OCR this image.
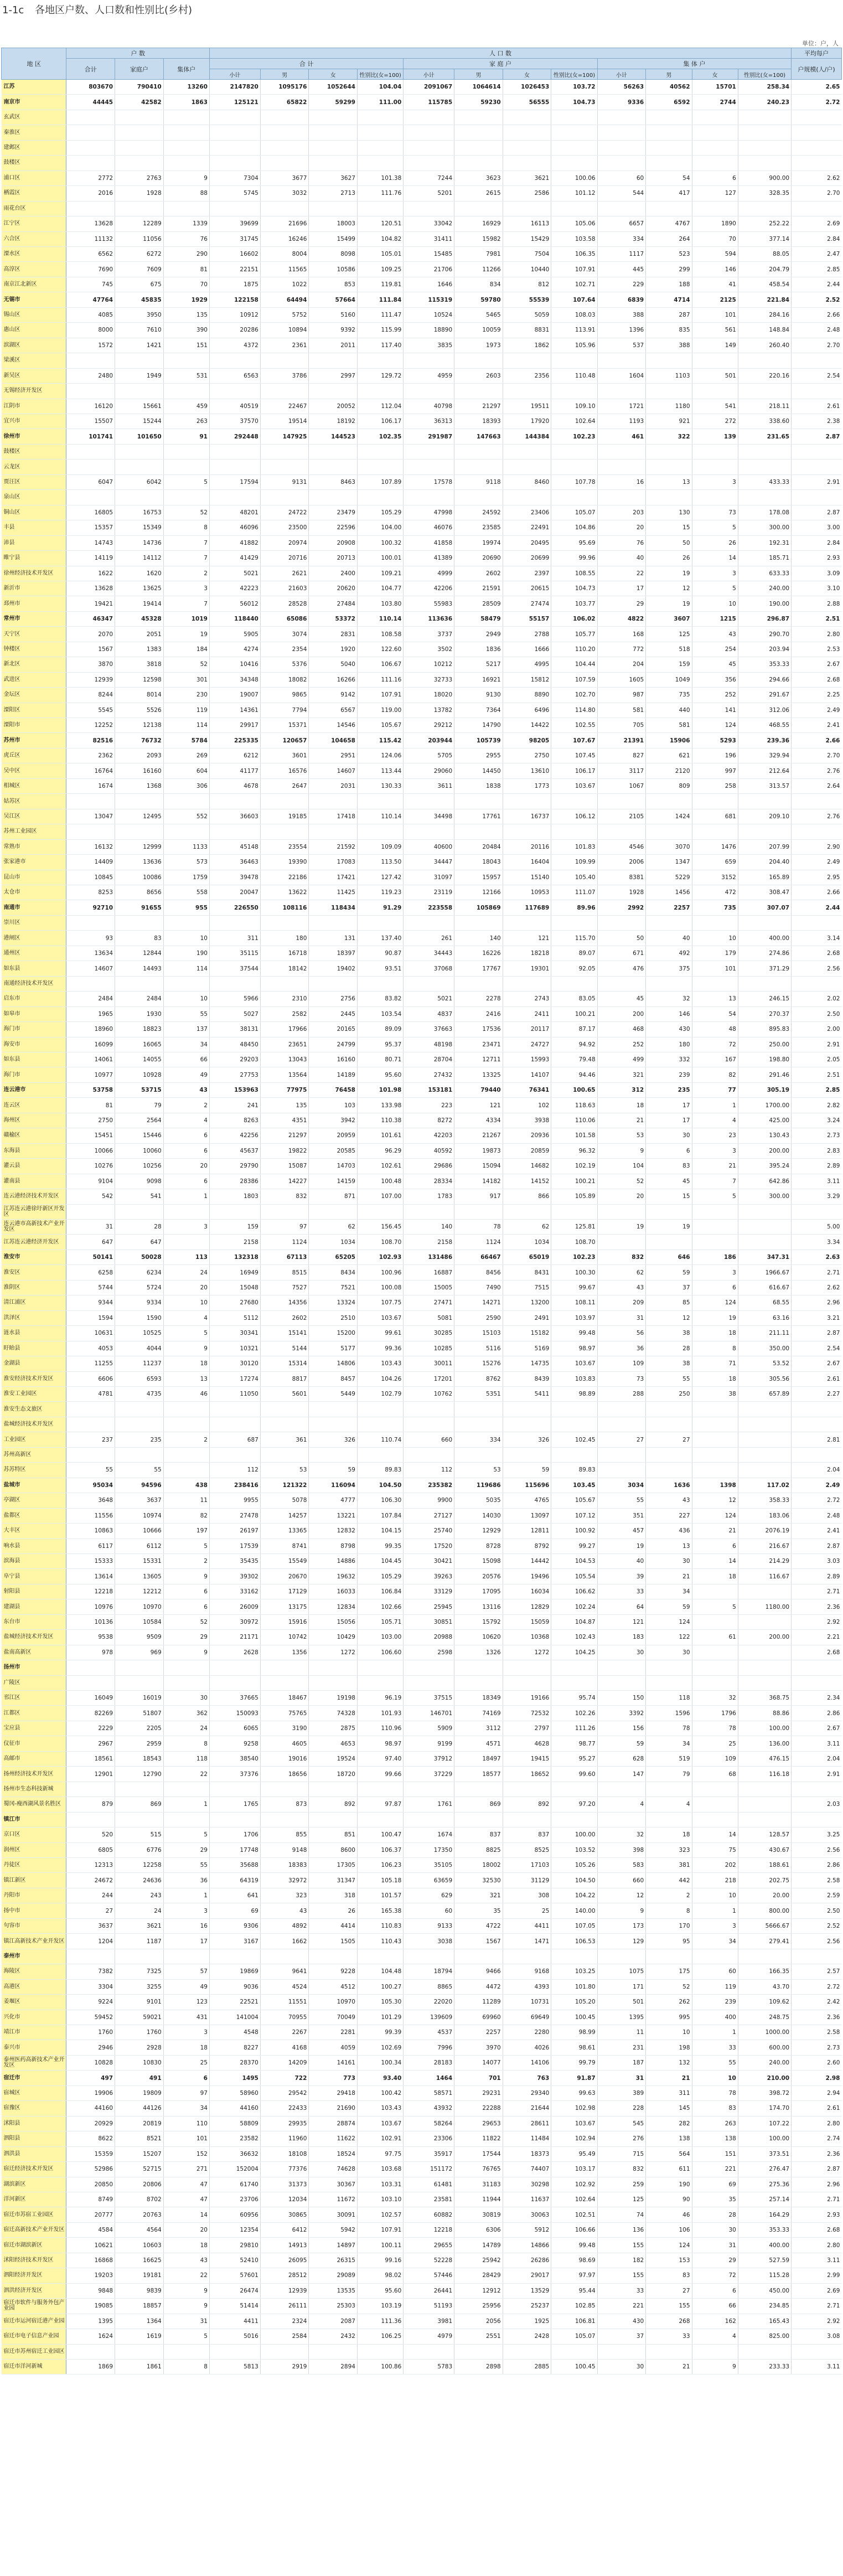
1-1c 各地区户数、人口数和性别比(乡村)
单位：户，人
地 区	户 数			人 口 数												平均每户
	合计	家庭户	集体户	合 计				家 庭 户				集 体 户				户规模(人/户)
				小计	男	女	性别比(女=100)	小计	男	女	性别比(女=100)	小计	男	女	性别比(女=100)	
江苏	803670	790410	13260	2147820	1095176	1052644	104.04	2091067	1064614	1026453	103.72	56263	40562	15701	258.34	2.65
南京市	44445	42582	1863	125121	65822	59299	111.00	115785	59230	56555	104.73	9336	6592	2744	240.23	2.72
玄武区																
秦淮区																
建邺区																
鼓楼区																
浦口区	2772	2763	9	7304	3677	3627	101.38	7244	3623	3621	100.06	60	54	6	900.00	2.62
栖霞区	2016	1928	88	5745	3032	2713	111.76	5201	2615	2586	101.12	544	417	127	328.35	2.70
雨花台区																
江宁区	13628	12289	1339	39699	21696	18003	120.51	33042	16929	16113	105.06	6657	4767	1890	252.22	2.69
六合区	11132	11056	76	31745	16246	15499	104.82	31411	15982	15429	103.58	334	264	70	377.14	2.84
溧水区	6562	6272	290	16602	8004	8098	105.01	15485	7981	7504	106.35	1117	523	594	88.05	2.47
高淳区	7690	7609	81	22151	11565	10586	109.25	21706	11266	10440	107.91	445	299	146	204.79	2.85
南京江北新区	745	675	70	1875	1022	853	119.81	1646	834	812	102.71	229	188	41	458.54	2.44
无锡市	47764	45835	1929	122158	64494	57664	111.84	115319	59780	55539	107.64	6839	4714	2125	221.84	2.52
锡山区	4085	3950	135	10912	5752	5160	111.47	10524	5465	5059	108.03	388	287	101	284.16	2.66
惠山区	8000	7610	390	20286	10894	9392	115.99	18890	10059	8831	113.91	1396	835	561	148.84	2.48
滨湖区	1572	1421	151	4372	2361	2011	117.40	3835	1973	1862	105.96	537	388	149	260.40	2.70
梁溪区																
新吴区	2480	1949	531	6563	3786	2997	129.72	4959	2603	2356	110.48	1604	1103	501	220.16	2.54
无锡经济开发区																
江阴市	16120	15661	459	40519	22467	20052	112.04	40798	21297	19511	109.10	1721	1180	541	218.11	2.61
宜兴市	15507	15244	263	37570	19514	18192	106.17	36313	18393	17920	102.64	1193	921	272	338.60	2.38
徐州市	101741	101650	91	292448	147925	144523	102.35	291987	147663	144384	102.23	461	322	139	231.65	2.87
鼓楼区																
云龙区																
贾汪区	6047	6042	5	17594	9131	8463	107.89	17578	9118	8460	107.78	16	13	3	433.33	2.91
泉山区																
铜山区	16805	16753	52	48201	24722	23479	105.29	47998	24592	23406	105.07	203	130	73	178.08	2.87
丰县	15357	15349	8	46096	23500	22596	104.00	46076	23585	22491	104.86	20	15	5	300.00	3.00
沛县	14743	14736	7	41882	20974	20908	100.32	41858	19974	20495	95.69	76	50	26	192.31	2.84
睢宁县	14119	14112	7	41429	20716	20713	100.01	41389	20690	20699	99.96	40	26	14	185.71	2.93
徐州经济技术开发区	1622	1620	2	5021	2621	2400	109.21	4999	2602	2397	108.55	22	19	3	633.33	3.09
新沂市	13628	13625	3	42223	21603	20620	104.77	42206	21591	20615	104.73	17	12	5	240.00	3.10
邳州市	19421	19414	7	56012	28528	27484	103.80	55983	28509	27474	103.77	29	19	10	190.00	2.88
常州市	46347	45328	1019	118440	65086	53372	110.14	113636	58479	55157	106.02	4822	3607	1215	296.87	2.51
天宁区	2070	2051	19	5905	3074	2831	108.58	3737	2949	2788	105.77	168	125	43	290.70	2.80
钟楼区	1567	1383	184	4274	2354	1920	122.60	3502	1836	1666	110.20	772	518	254	203.94	2.53
新北区	3870	3818	52	10416	5376	5040	106.67	10212	5217	4995	104.44	204	159	45	353.33	2.67
武进区	12939	12598	301	34348	18082	16266	111.16	32733	16921	15812	107.59	1605	1049	356	294.66	2.68
金坛区	8244	8014	230	19007	9865	9142	107.91	18020	9130	8890	102.70	987	735	252	291.67	2.25
溧阳区	5545	5526	119	14361	7794	6567	119.00	13782	7364	6496	114.80	581	440	141	312.06	2.49
溧阳市	12252	12138	114	29917	15371	14546	105.67	29212	14790	14422	102.55	705	581	124	468.55	2.41
苏州市	82516	76732	5784	225335	120657	104658	115.42	203944	105739	98205	107.67	21391	15906	5293	239.36	2.66
虎丘区	2362	2093	269	6212	3601	2951	124.06	5705	2955	2750	107.45	827	621	196	329.94	2.70
吴中区	16764	16160	604	41177	16576	14607	113.44	29060	14450	13610	106.17	3117	2120	997	212.64	2.76
相城区	1674	1368	306	4678	2647	2031	130.33	3611	1838	1773	103.67	1067	809	258	313.57	2.64
姑苏区																
吴江区	13047	12495	552	36603	19185	17418	110.14	34498	17761	16737	106.12	2105	1424	681	209.10	2.76
苏州工业园区																
常熟市	16132	12999	1133	45148	23554	21592	109.09	40600	20484	20116	101.83	4546	3070	1476	207.99	2.90
张家港市	14409	13636	573	36463	19390	17083	113.50	34447	18043	16404	109.99	2006	1347	659	204.40	2.49
昆山市	10845	10086	1759	39478	22186	17421	127.42	31097	15957	15140	105.40	8381	5229	3152	165.89	2.95
太仓市	8253	8656	558	20047	13622	11425	119.23	23119	12166	10953	111.07	1928	1456	472	308.47	2.66
南通市	92710	91655	955	226550	108116	118434	91.29	223558	105869	117689	89.96	2992	2257	735	307.07	2.44
崇川区																
港闸区	93	83	10	311	180	131	137.40	261	140	121	115.70	50	40	10	400.00	3.14
通州区	13634	12844	190	35115	16718	18397	90.87	34443	16226	18218	89.07	671	492	179	274.86	2.68
如东县	14607	14493	114	37544	18142	19402	93.51	37068	17767	19301	92.05	476	375	101	371.29	2.56
南通经济技术开发区																
启东市	2484	2484	10	5966	2310	2756	83.82	5021	2278	2743	83.05	45	32	13	246.15	2.02
如皋市	1965	1930	55	5027	2582	2445	103.54	4837	2416	2411	100.21	200	146	54	270.37	2.50
海门市	18960	18823	137	38131	17966	20165	89.09	37663	17536	20117	87.17	468	430	48	895.83	2.00
海安市	16099	16065	34	48450	23651	24799	95.37	48198	23471	24727	94.92	252	180	72	250.00	2.91
如东县	14061	14055	66	29203	13043	16160	80.71	28704	12711	15993	79.48	499	332	167	198.80	2.05
海门市	10977	10928	49	27753	13564	14189	95.60	27432	13325	14107	94.46	321	239	82	291.46	2.51
连云港市	53758	53715	43	153963	77975	76458	101.98	153181	79440	76341	100.65	312	235	77	305.19	2.85
连云区	81	79	2	241	135	103	133.98	223	121	102	118.63	18	17	1	1700.00	2.82
海州区	2750	2564	4	8263	4351	3942	110.38	8272	4334	3938	110.06	21	17	4	425.00	3.24
赣榆区	15451	15446	6	42256	21297	20959	101.61	42203	21267	20936	101.58	53	30	23	130.43	2.73
东海县	10066	10060	6	45637	19822	20585	96.29	40592	19873	20859	96.32	9	6	3	200.00	2.83
灌云县	10276	10256	20	29790	15087	14703	102.61	29686	15094	14682	102.19	104	83	21	395.24	2.89
灌南县	9104	9098	6	28386	14227	14159	100.48	28334	14182	14152	100.21	52	45	7	642.86	3.11
连云港经济技术开发区	542	541	1	1803	832	871	107.00	1783	917	866	105.89	20	15	5	300.00	3.29
江苏连云港徐圩新区开发区																
连云港市高新技术产业开发区	31	28	3	159	97	62	156.45	140	78	62	125.81	19	19			5.00
江苏连云港经济开发区	647	647		2158	1124	1034	108.70	2158	1124	1034	108.70					3.34
淮安市	50141	50028	113	132318	67113	65205	102.93	131486	66467	65019	102.23	832	646	186	347.31	2.63
淮安区	6258	6234	24	16949	8515	8434	100.96	16887	8456	8431	100.30	62	59	3	1966.67	2.71
淮阴区	5744	5724	20	15048	7527	7521	100.08	15005	7490	7515	99.67	43	37	6	616.67	2.62
清江浦区	9344	9334	10	27680	14356	13324	107.75	27471	14271	13200	108.11	209	85	124	68.55	2.96
洪泽区	1594	1590	4	5112	2602	2510	103.67	5081	2590	2491	103.97	31	12	19	63.16	3.21
涟水县	10631	10525	5	30341	15141	15200	99.61	30285	15103	15182	99.48	56	38	18	211.11	2.87
盱眙县	4053	4044	9	10321	5144	5177	99.36	10285	5116	5169	98.97	36	28	8	350.00	2.54
金湖县	11255	11237	18	30120	15314	14806	103.43	30011	15276	14735	103.67	109	38	71	53.52	2.67
淮安经济技术开发区	6606	6593	13	17274	8817	8457	104.26	17201	8762	8439	103.83	73	55	18	305.56	2.61
淮安工业园区	4781	4735	46	11050	5601	5449	102.79	10762	5351	5411	98.89	288	250	38	657.89	2.27
淮安生态文旅区																
盐城经济技术开发区																
工业园区	237	235	2	687	361	326	110.74	660	334	326	102.45	27	27			2.81
苏州高新区																
苏苏特区	55	55		112	53	59	89.83	112	53	59	89.83					2.04
盐城市	95034	94596	438	238416	121322	116094	104.50	235382	119686	115696	103.45	3034	1636	1398	117.02	2.49
亭湖区	3648	3637	11	9955	5078	4777	106.30	9900	5035	4765	105.67	55	43	12	358.33	2.72
盐都区	11556	10974	82	27478	14257	13221	107.84	27127	14030	13097	107.12	351	227	124	183.06	2.48
大丰区	10863	10666	197	26197	13365	12832	104.15	25740	12929	12811	100.92	457	436	21	2076.19	2.41
响水县	6117	6112	5	17539	8741	8798	99.35	17520	8728	8792	99.27	19	13	6	216.67	2.87
滨海县	15333	15331	2	35435	15549	14886	104.45	30421	15098	14442	104.53	40	30	14	214.29	3.03
阜宁县	13614	13605	9	39302	20670	19632	105.29	39263	20576	19496	105.54	39	21	18	116.67	2.89
射阳县	12218	12212	6	33162	17129	16033	106.84	33129	17095	16034	106.62	33	34			2.71
建湖县	10976	10970	6	26009	13175	12834	102.66	25945	13116	12829	102.24	64	59	5	1180.00	2.36
东台市	10136	10584	52	30972	15916	15056	105.71	30851	15792	15059	104.87	121	124			2.92
盐城经济技术开发区	9538	9509	29	21171	10742	10429	103.00	20988	10620	10368	102.43	183	122	61	200.00	2.21
盐南高新区	978	969	9	2628	1356	1272	106.60	2598	1326	1272	104.25	30	30			2.68
扬州市																
广陵区																
邗江区	16049	16019	30	37665	18467	19198	96.19	37515	18349	19166	95.74	150	118	32	368.75	2.34
江都区	82269	51807	362	150093	75765	74328	101.93	146701	74169	72532	102.26	3392	1596	1796	88.86	2.86
宝应县	2229	2205	24	6065	3190	2875	110.96	5909	3112	2797	111.26	156	78	78	100.00	2.67
仪征市	2967	2959	8	9258	4605	4653	98.97	9199	4571	4628	98.77	59	34	25	136.00	3.11
高邮市	18561	18543	118	38540	19016	19524	97.40	37912	18497	19415	95.27	628	519	109	476.15	2.04
扬州经济技术开发区	12901	12790	22	37376	18656	18720	99.66	37229	18577	18652	99.60	147	79	68	116.18	2.91
扬州市生态科技新城																
蜀冈-瘦西湖风景名胜区	879	869	1	1765	873	892	97.87	1761	869	892	97.20	4	4			2.03
镇江市																
京口区	520	515	5	1706	855	851	100.47	1674	837	837	100.00	32	18	14	128.57	3.25
润州区	6805	6776	29	17748	9148	8600	106.37	17350	8825	8525	103.52	398	323	75	430.67	2.56
丹徒区	12313	12258	55	35688	18383	17305	106.23	35105	18002	17103	105.26	583	381	202	188.61	2.86
镇江新区	24672	24636	36	64319	32972	31347	105.18	63659	32530	31129	104.50	660	442	218	202.75	2.58
丹阳市	244	243	1	641	323	318	101.57	629	321	308	104.22	12	2	10	20.00	2.59
扬中市	27	24	3	69	43	26	165.38	60	35	25	140.00	9	8	1	800.00	2.50
句容市	3637	3621	16	9306	4892	4414	110.83	9133	4722	4411	107.05	173	170	3	5666.67	2.52
镇江高新技术产业开发区	1204	1187	17	3167	1662	1505	110.43	3038	1567	1471	106.53	129	95	34	279.41	2.56
泰州市																
海陵区	7382	7325	57	19869	9641	9228	104.48	18794	9466	9168	103.25	1075	175	60	166.35	2.57
高港区	3304	3255	49	9036	4524	4512	100.27	8865	4472	4393	101.80	171	52	119	43.70	2.72
姜堰区	9224	9101	123	22521	11551	10970	105.30	22020	11289	10731	105.20	501	262	239	109.62	2.42
兴化市	59452	59021	431	141004	70955	70049	101.29	139609	69960	69649	100.45	1395	995	400	248.75	2.36
靖江市	1760	1760	3	4548	2267	2281	99.39	4537	2257	2280	98.99	11	10	1	1000.00	2.58
泰兴市	2946	2928	18	8227	4168	4059	102.69	7996	3970	4026	98.61	231	198	33	600.00	2.73
泰州医药高新技术产业开发区	10828	10830	25	28370	14209	14161	100.34	28183	14077	14106	99.79	187	132	55	240.00	2.60
宿迁市	497	491	6	1495	722	773	93.40	1464	701	763	91.87	31	21	10	210.00	2.98
宿城区	19906	19809	97	58960	29542	29418	100.42	58571	29231	29340	99.63	389	311	78	398.72	2.94
宿豫区	44160	44126	34	44160	22433	21690	103.43	43932	22288	21644	102.98	228	145	83	174.70	2.61
沭阳县	20929	20819	110	58809	29935	28874	103.67	58264	29653	28611	103.67	545	282	263	107.22	2.80
泗阳县	8622	8521	101	23582	11960	11622	102.91	23306	11822	11484	102.94	276	138	138	100.00	2.74
泗洪县	15359	15207	152	36632	18108	18524	97.75	35917	17544	18373	95.49	715	564	151	373.51	2.36
宿迁经济技术开发区	52986	52715	271	152004	77376	74628	103.68	151172	76765	74407	103.17	832	611	221	276.47	2.87
湖滨新区	20850	20806	47	61740	31373	30367	103.31	61481	31183	30298	102.92	259	190	69	275.36	2.96
洋河新区	8749	8702	47	23706	12034	11672	103.10	23581	11944	11637	102.64	125	90	35	257.14	2.71
宿迁市苏宿工业园区	20777	20763	14	60956	30865	30091	102.57	60882	30819	30063	102.51	74	46	28	164.29	2.93
宿迁高新技术产业开发区	4584	4564	20	12354	6412	5942	107.91	12218	6306	5912	106.66	136	106	30	353.33	2.68
宿迁市湖滨新区	10621	10603	18	29810	14913	14897	100.11	29655	14789	14866	99.48	155	124	31	400.00	2.80
沭阳经济技术开发区	16868	16625	43	52410	26095	26315	99.16	52228	25942	26286	98.69	182	153	29	527.59	3.11
泗阳经济开发区	19203	19181	22	57601	28512	29089	98.02	57446	28429	29017	97.97	155	83	72	115.28	2.99
泗洪经济开发区	9848	9839	9	26474	12939	13535	95.60	26441	12912	13529	95.44	33	27	6	450.00	2.69
宿迁市软件与服务外包产业园	19085	18857	9	51414	26111	25303	103.19	51193	25956	25237	102.85	221	155	66	234.85	2.71
宿迁市运河宿迁港产业园	1395	1364	31	4411	2324	2087	111.36	3981	2056	1925	106.81	430	268	162	165.43	2.92
宿迁市电子信息产业园	1624	1619	5	5016	2584	2432	106.25	4979	2551	2428	105.07	37	33	4	825.00	3.08
宿迁市苏州宿迁工业园区																
宿迁市洋河新城	1869	1861	8	5813	2919	2894	100.86	5783	2898	2885	100.45	30	21	9	233.33	3.11
